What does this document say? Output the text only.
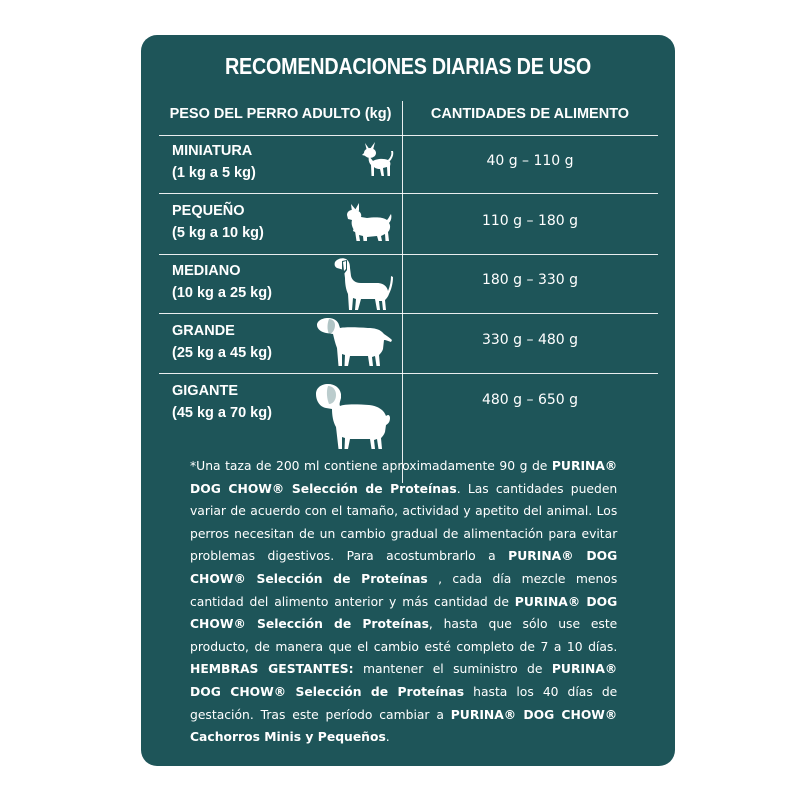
RECOMENDACIONES DIARIAS DE USO
PESO DEL PERRO ADULTO (kg)	CANTIDADES DE ALIMENTO
MINIATURA
(1 kg a 5 kg)
40 g – 110 g
PEQUEÑO
(5 kg a 10 kg)
110 g – 180 g
MEDIANO
(10 kg a 25 kg)
180 g – 330 g
GRANDE
(25 kg a 45 kg)
330 g – 480 g
GIGANTE
(45 kg a 70 kg)
480 g – 650 g
*Una taza de 200 ml contiene aproximadamente 90 g de PURINA® DOG CHOW® Selección de Proteínas. Las cantidades pueden variar de acuerdo con el tamaño, actividad y apetito del animal. Los perros necesitan de un cambio gradual de alimentación para evitar problemas digestivos. Para acostumbrarlo a PURINA® DOG CHOW® Selección de Proteínas , cada día mezcle menos cantidad del alimento anterior y más cantidad de PURINA® DOG CHOW® Selección de Proteínas, hasta que sólo use este producto, de manera que el cambio esté completo de 7 a 10 días. HEMBRAS GESTANTES: mantener el suministro de PURINA® DOG CHOW® Selección de Proteínas hasta los 40 días de gestación. Tras este período cambiar a PURINA® DOG CHOW® Cachorros Minis y Pequeños.
